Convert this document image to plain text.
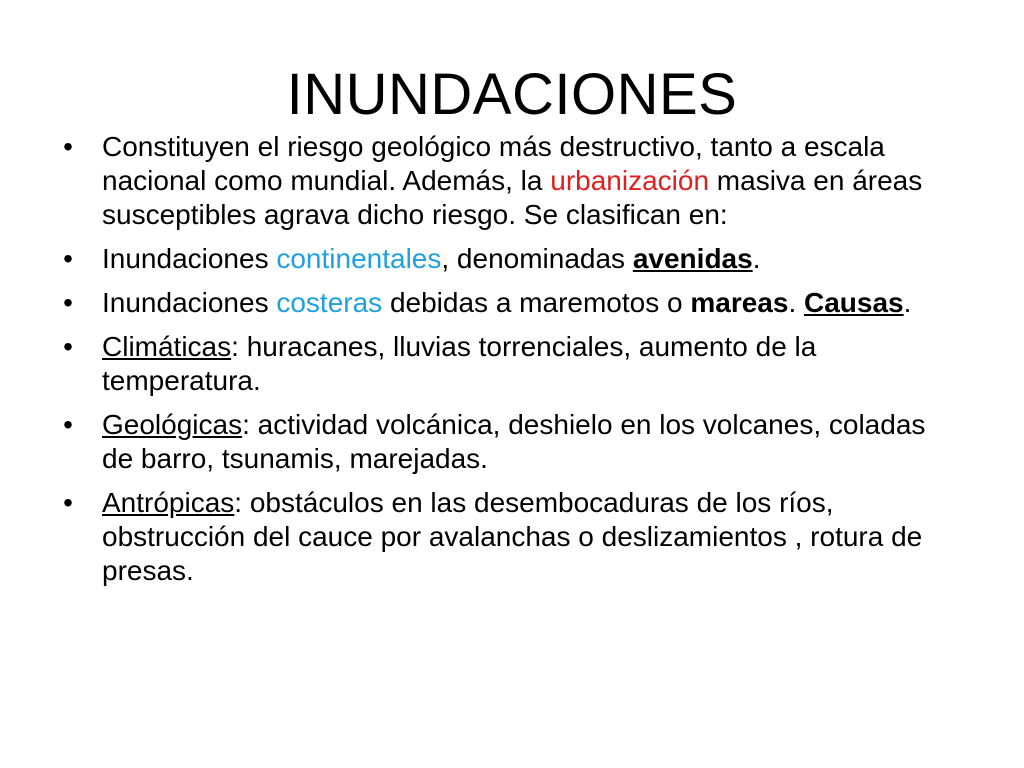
INUNDACIONES
• Constituyen el riesgo geológico más destructivo, tanto a escala nacional como mundial. Además, la urbanización masiva en áreas susceptibles agrava dicho riesgo. Se clasifican en:
• Inundaciones continentales, denominadas avenidas.
• Inundaciones costeras debidas a maremotos o mareas. Causas.
• Climáticas: huracanes, lluvias torrenciales, aumento de la temperatura.
• Geológicas: actividad volcánica, deshielo en los volcanes, coladas de barro, tsunamis, marejadas.
• Antrópicas: obstáculos en las desembocaduras de los ríos, obstrucción del cauce por avalanchas o deslizamientos , rotura de presas.
